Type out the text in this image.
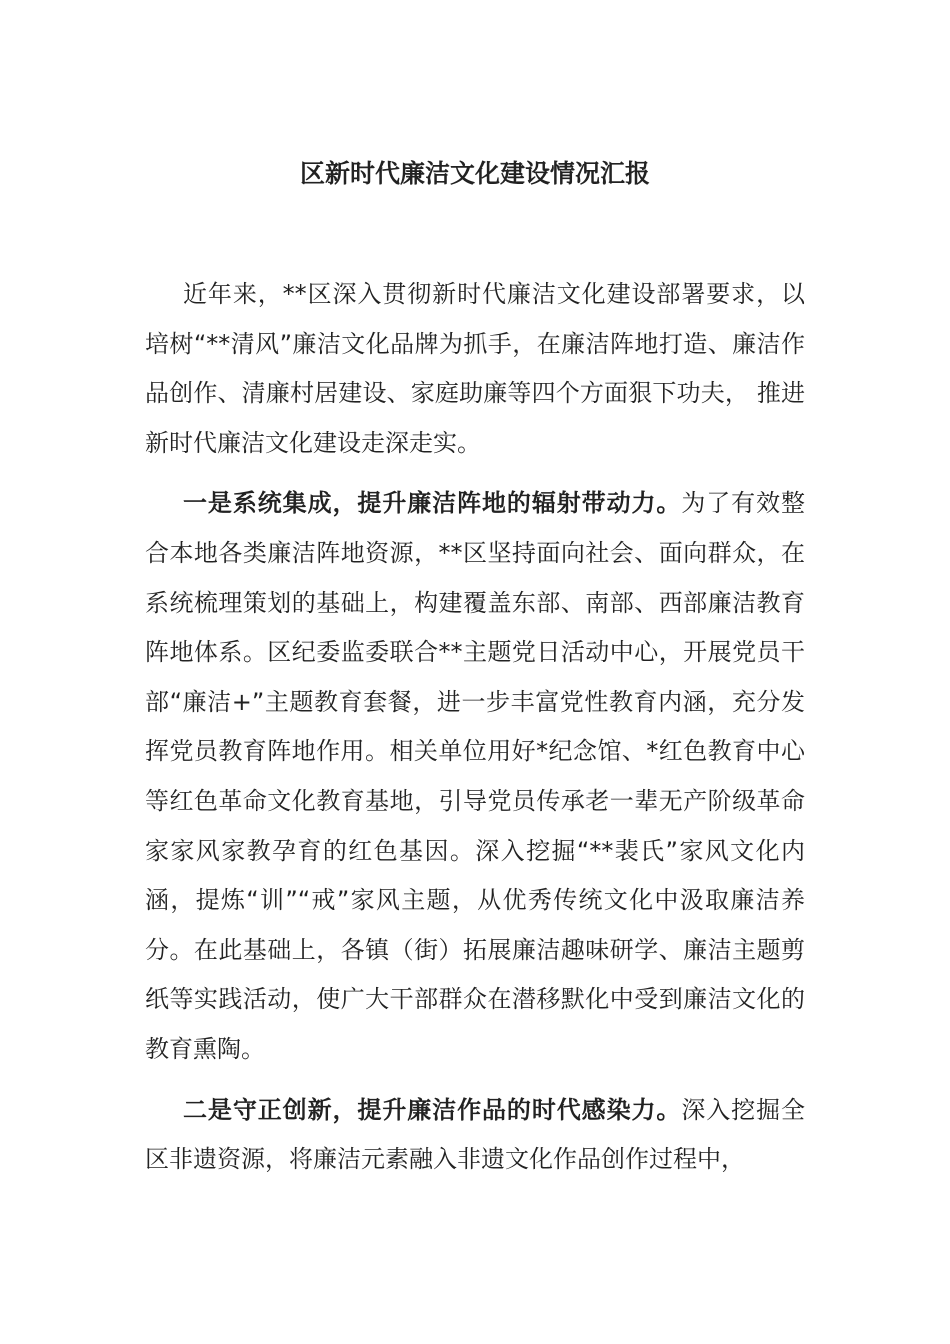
区新时代廉洁文化建设情况汇报

近年来，**区深入贯彻新时代廉洁文化建设部署要求，以培树“**清风”廉洁文化品牌为抓手，在廉洁阵地打造、廉洁作品创作、清廉村居建设、家庭助廉等四个方面狠下功夫， 推进新时代廉洁文化建设走深走实。

一是系统集成，提升廉洁阵地的辐射带动力。为了有效整合本地各类廉洁阵地资源，**区坚持面向社会、面向群众，在系统梳理策划的基础上，构建覆盖东部、南部、西部廉洁教育阵地体系。区纪委监委联合**主题党日活动中心，开展党员干部“廉洁+”主题教育套餐，进一步丰富党性教育内涵，充分发挥党员教育阵地作用。相关单位用好*纪念馆、*红色教育中心等红色革命文化教育基地，引导党员传承老一辈无产阶级革命家家风家教孕育的红色基因。深入挖掘“**裴氏”家风文化内涵，提炼“训”“戒”家风主题，从优秀传统文化中汲取廉洁养分。在此基础上，各镇（街）拓展廉洁趣味研学、廉洁主题剪纸等实践活动，使广大干部群众在潜移默化中受到廉洁文化的教育熏陶。

二是守正创新，提升廉洁作品的时代感染力。深入挖掘全区非遗资源，将廉洁元素融入非遗文化作品创作过程中，
